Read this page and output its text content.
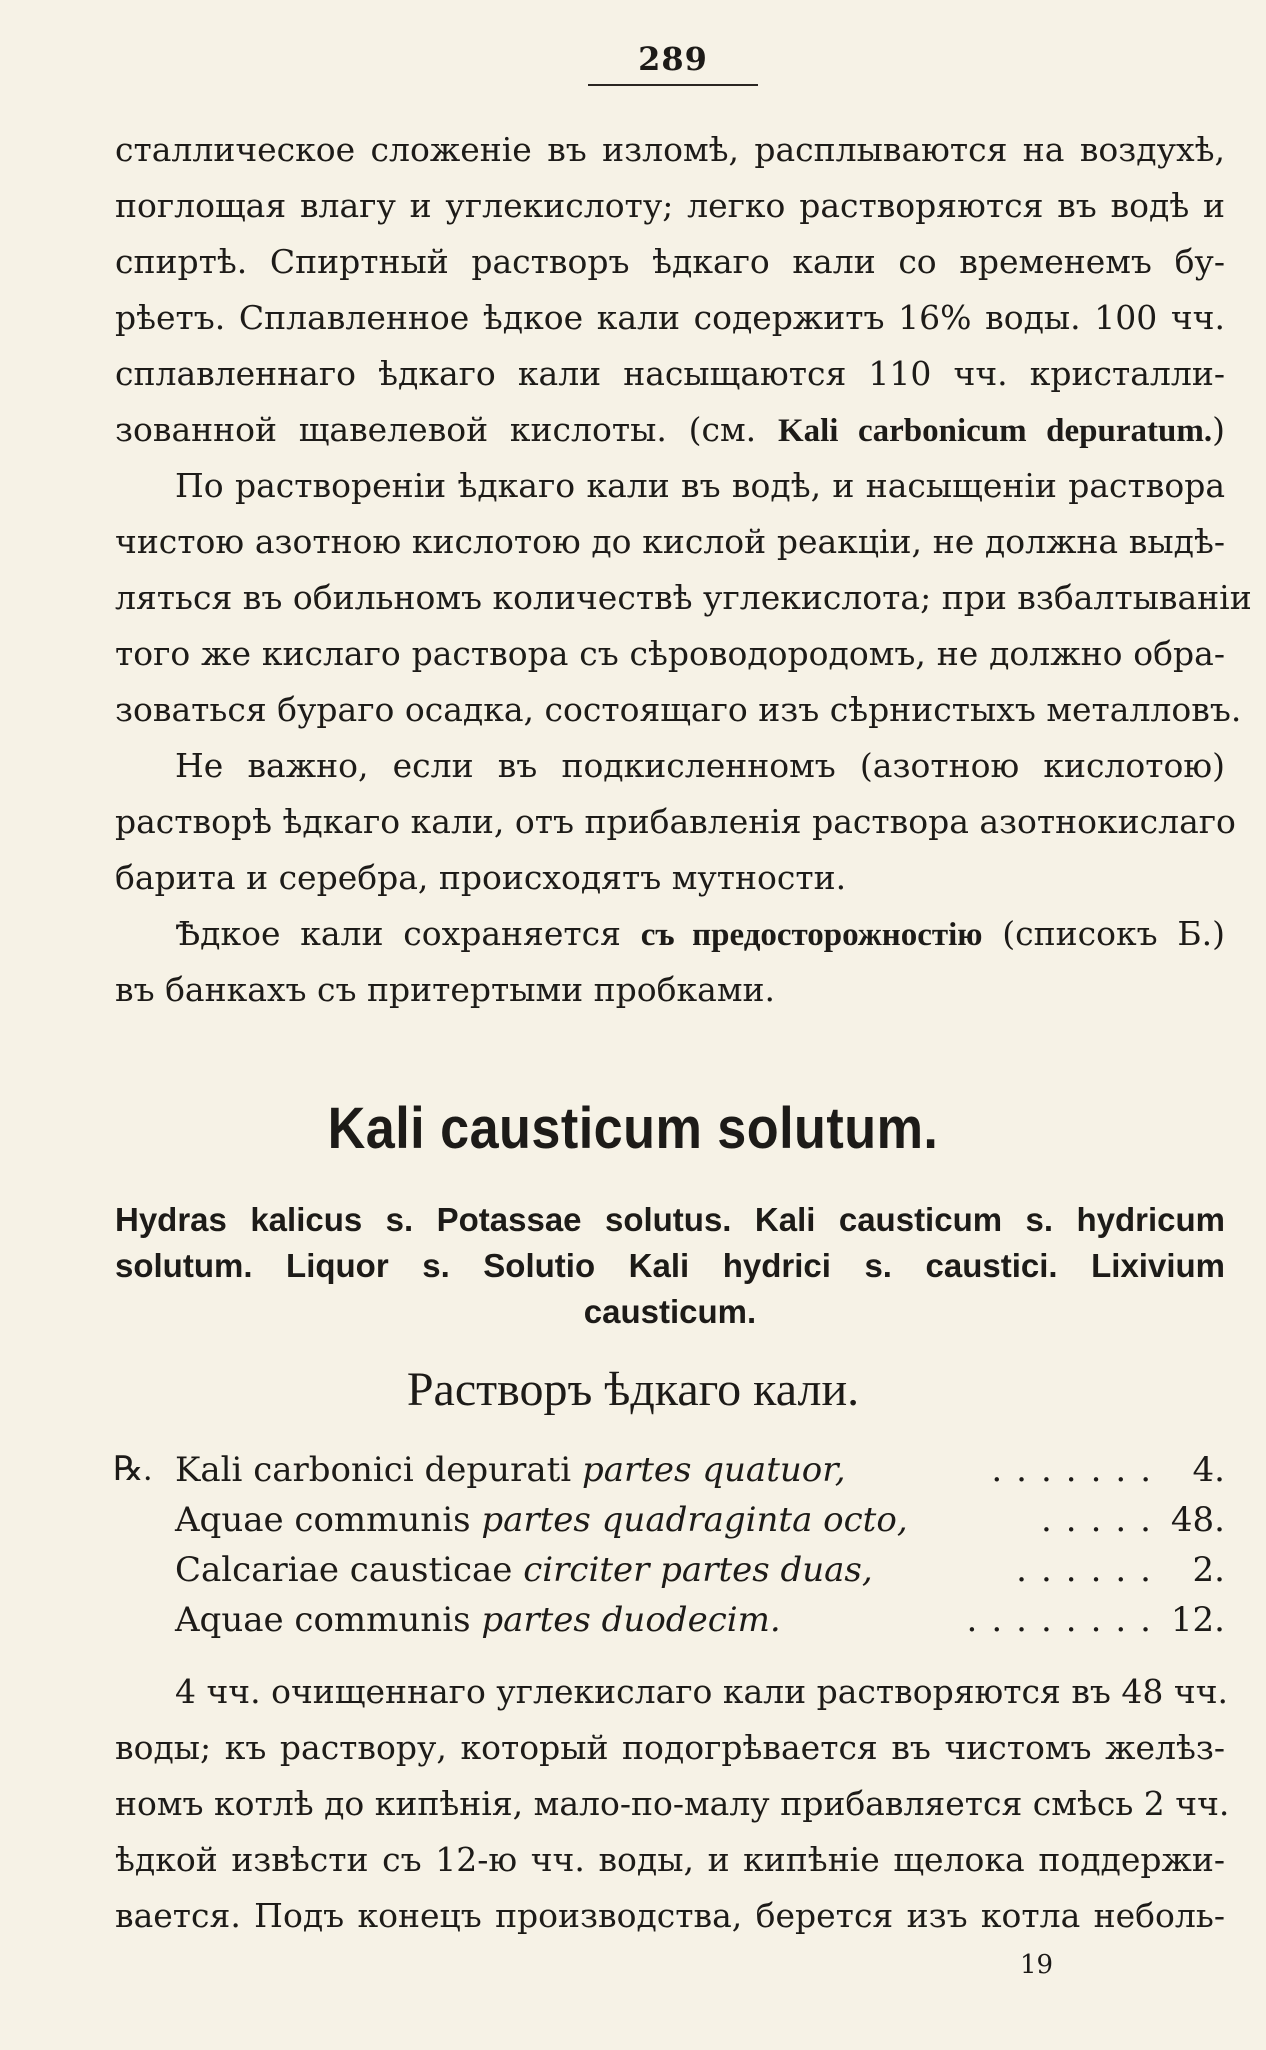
289
сталлическое сложенiе въ изломѣ, расплываются на воздухѣ,
поглощая влагу и углекислоту; легко растворяются въ водѣ и
спиртѣ. Спиртный растворъ ѣдкаго кали со временемъ бу-
рѣетъ. Сплавленное ѣдкое кали содержитъ 16% воды. 100 чч.
сплавленнаго ѣдкаго кали насыщаются 110 чч. кристалли-
зованной щавелевой кислоты. (см. Kali carbonicum depuratum.)
По раствореніи ѣдкаго кали въ водѣ, и насыщеніи раствора
чистою азотною кислотою до кислой реакціи, не должна выдѣ-
ляться въ обильномъ количествѣ углекислота; при взбалтываніи
того же кислаго раствора съ сѣроводородомъ, не должно обра-
зоваться бураго осадка, состоящаго изъ сѣрнистыхъ металловъ.
Не важно, если въ подкисленномъ (азотною кислотою)
растворѣ ѣдкаго кали, отъ прибавленія раствора азотнокислаго
барита и серебра, происходятъ мутности.
Ѣдкое кали сохраняется съ предосторожностію (списокъ Б.)
въ банкахъ съ притертыми пробками.
Kali causticum solutum.
Hydras kalicus s. Potassae solutus. Kali causticum s. hydricum
solutum. Liquor s. Solutio Kali hydrici s. caustici. Lixivium
causticum.
Растворъ ѣдкаго кали.
℞. Kali carbonici depurati partes quatuor,	....... 4.
Aquae communis partes quadraginta octo,	..... 48.
Calcariae causticae circiter partes duas,	...... 2.
Aquae communis partes duodecim.	........ 12.
4 чч. очищеннаго углекислаго кали растворяются въ 48 чч.
воды; къ раствору, который подогрѣвается въ чистомъ желѣз-
номъ котлѣ до кипѣнія, мало-по-малу прибавляется смѣсь 2 чч.
ѣдкой извѣсти съ 12-ю чч. воды, и кипѣніе щелока поддержи-
вается. Подъ конецъ производства, берется изъ котла неболь-
19
